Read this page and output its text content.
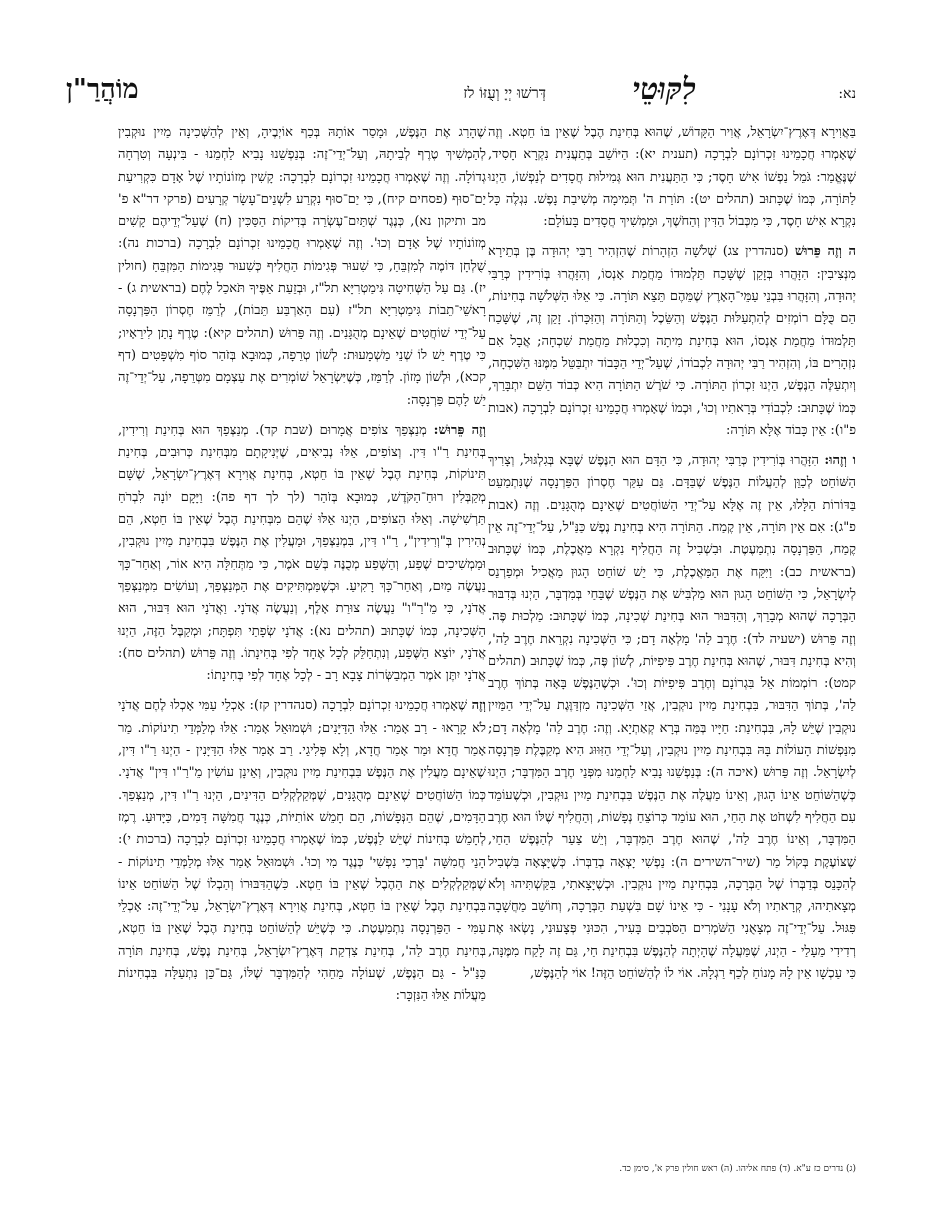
נא:
לִקּוּטֵי
דְּרשׁוּ יְיָ וְעֻזּוֹ לז
מוֹהֲרַ"ן

בַּאֲוִירָא דְּאֶרֶץ־יִשְׂרָאֵל, אֲוִיר הַקָּדוֹשׁ, שֶׁהוּא בְּחִינַת הֶבֶל שֶׁאֵין בּוֹ חֵטְא. וְזֶה שֶׁאָמְרוּ חֲכָמֵינוּ זִכְרוֹנָם לִבְרָכָה (תענית יא): הַיּוֹשֵׁב בְּתַעֲנִית נִקְרָא חָסִיד, שֶׁנֶּאֱמַר: גֹּמֵל נַפְשׁוֹ אִישׁ חָסֶד; כִּי הַתַּעֲנִית הוּא גְּמִילוּת חֲסָדִים לְנַפְשׁוֹ, הַיְנוּ לַתּוֹרָה, כְּמוֹ שֶׁכָּתוּב (תהלים יט): תּוֹרַת ה' תְּמִימָה מְשִׁיבַת נָפֶשׁ. נִגְלֶה כָּל נִקְרָא אִישׁ חָסֶד, כִּי מִכְּבוֹל הַדִּין וְהַחֹשֶׁךְ, וּמַמְשִׁיךְ חֲסָדִים בָּעוֹלָם:

ה וְזֶה פֵּרוּשׁ (סנהדרין צג) שְׁלֹשָׁה הַזְהָרוֹת שֶׁהִזְהִיר רַבִּי יְהוּדָה בֶּן בְּתֵירָא מִנְּצִיבִין: הִזָּהֲרוּ בְּזָקֵן שֶׁשָּׁכַח תַּלְמוּדוֹ מֵחֲמַת אָנְסוֹ, וְהִזָּהֲרוּ בְּוֹרִידִין כְּרַבִּי יְהוּדָה, וְהִזָּהֲרוּ בִּבְנֵי עַמֵּי־הָאָרֶץ שֶׁמֵּהֶם תֵּצֵא תּוֹרָה. כִּי אֵלּוּ הַשְּׁלֹשָׁה בְּחִינוֹת, הֵם כֻּלָּם רוֹמְזִים לְהִתְעַלּוּת הַנֶּפֶשׁ וְהַשֵּׂכֶל וְהַתּוֹרָה וְהַזִּכָּרוֹן. זָקֵן זֶה, שֶׁשָּׁכַח תַּלְמוּדוֹ מֵחֲמַת אָנְסוֹ, הוּא בְּחִינַת מִיתָה וְכִכְלוּת מֵחֲמַת שִׁכְחָה; אֲבָל אִם נִזְהָרִים בּוֹ, וְהִזְהִיר רַבִּי יְהוּדָה לִכְבוֹדוֹ, שֶׁעַל־יְדֵי הַכָּבוֹד יִתְבַּטֵּל מִמֶּנּוּ הַשִּׁכְחָה, וְיִתְעַלֶּה הַנֶּפֶשׁ, הַיְנוּ זִכְרוֹן הַתּוֹרָה. כִּי שֹׁרֶשׁ הַתּוֹרָה הִיא כְּבוֹד הַשֵּׁם יִתְבָּרַךְ, כְּמוֹ שֶׁכָּתוּב: לִכְבוֹדִי בְּרָאתִיו וְכוּ', וּכְמוֹ שֶׁאָמְרוּ חֲכָמֵינוּ זִכְרוֹנָם לִבְרָכָה (אבות פ"ו): אֵין כָּבוֹד אֶלָּא תּוֹרָה:

ו וְזֶהוּ: הִזָּהֲרוּ בְּוֹרִידִין כְּרַבִּי יְהוּדָה, כִּי הַדָּם הוּא הַנֶּפֶשׁ שֶׁבָּא בְּגִלְגּוּל, וְצָרִיךְ הַשּׁוֹחֵט לְכַוֵּן לְהַעֲלוֹת הַנֶּפֶשׁ שֶׁבַּדָּם. גַּם עִקַּר חֶסְרוֹן הַפַּרְנָסָה שֶׁנִּתְמַעֵט בַּדּוֹרוֹת הַלָּלוּ, אֵין זֶה אֶלָּא עַל־יְדֵי הַשּׁוֹחֲטִים שֶׁאֵינָם מְהֻגָּנִים. וְזֶה (אבות פ"ג): אִם אֵין תּוֹרָה, אֵין קֶמַח. הַתּוֹרָה הִיא בְּחִינַת נֶפֶשׁ כַּנַּ"ל, עַל־יְדֵי־זֶה אֵין קֶמַח, הַפַּרְנָסָה נִתְמַעֶטֶת. וּבִשְׁבִיל זֶה הַחֲלִיף נִקְרָא מַאֲכֶלֶת, כְּמוֹ שֶׁכָּתוּב (בראשית כב): וַיִּקַּח אֶת הַמַּאֲכֶלֶת, כִּי יֵשׁ שׁוֹחֵט הָגוּן מַאֲכִיל וּמְפַרְנֵס לְיִשְׂרָאֵל, כִּי הַשּׁוֹחֵט הָגוּן הוּא מַלְבִּישׁ אֶת הַנֶּפֶשׁ שֶׁבַּחַי בְּמִדְבָּר, הַיְנוּ בְּדִבּוּר הַבְּרָכָה שֶׁהוּא מְבָרֵךְ, וְהַדִּבּוּר הוּא בְּחִינַת שְׁכִינָה, כְּמוֹ שֶׁכָּתוּב: מַלְכוּת פֶּה. וְזֶה פֵּרוּשׁ (ישעיה לד): חֶרֶב לַה' מָלְאָה דָם; כִּי הַשְּׁכִינָה נִקְרֵאת חֶרֶב לַה', וְהִיא בְּחִינַת דִּבּוּר, שֶׁהוּא בְּחִינַת חֶרֶב פִּיפִיּוֹת, לְשׁוֹן פֶּה, כְּמוֹ שֶׁכָּתוּב (תהלים קמט): רוֹמְמוֹת אֵל בִּגְרוֹנָם וְחֶרֶב פִּיפִיּוֹת וְכוּ'. וּכְשֶׁהַנֶּפֶשׁ בָּאָה בְּתוֹךְ חֶרֶב לַה', בְּתוֹךְ הַדִּבּוּר, בִּבְחִינַת מַיִין נוּקְבִין, אֲזַי הַשְּׁכִינָה מִזְדַּוֶּגֶת עַל־יְדֵי הַמַּיִין נוּקְבִין שֶׁיֵּשׁ לָהּ, בִּבְחִינַת: חַיָּיו בְּמַּה בְּרָא קְאַתְיָא. וְזֶה: חֶרֶב לַה' מָלְאָה דָם; מִנַּפְשׁוֹת הָעוֹלוֹת בָּהּ בִּבְחִינַת מַיִין נוּקְבִין, וְעַל־יְדֵי הַזִּוּוּג הִיא מְקַבֶּלֶת פַּרְנָסָה לְיִשְׂרָאֵל. וְזֶה פֵּרוּשׁ (איכה ה): בְּנַפְשֵׁנוּ נָבִיא לַחְמֵנוּ מִפְּנֵי חֶרֶב הַמִּדְבָּר; הַיְנוּ כְּשֶׁהַשּׁוֹחֵט אֵינוֹ הָגוּן, וְאֵינוֹ מַעֲלֶה אֶת הַנֶּפֶשׁ בִּבְחִינַת מַיִין נוּקְבִין, וּכְשֶׁעוֹמֵד עִם הַחֲלִיף לִשְׁחֹט אֶת הַחַי, הוּא עוֹמֵד כְּרוֹצֵחַ נְפָשׁוֹת, וְהַחֲלִיף שֶׁלּוֹ הוּא חֶרֶב הַמִּדְבָּר, וְאֵינוֹ חֶרֶב לַה', שֶׁהוּא חֶרֶב הַמִּדְבָּר, וְיֵשׁ צַעַר לְהַנֶּפֶשׁ הַחַי, שֶׁצּוֹעֶקֶת בְּקוֹל מַר (שיר־השירים ה): נַפְשִׁי יָצְאָה בְדַבְּרוֹ. כְּשֶׁיָּצְאָה בִּשְׁבִיל לְהִכָּנֵס בְּדַבְּרוֹ שֶׁל הַבְּרָכָה, בִּבְחִינַת מַיִין נוּקְבִין. וּכְשֶׁיָּצָאתִי, בִּקַּשְׁתִּיהוּ וְלֹא מְצָאתִיהוּ, קְרָאתִיו וְלֹא עָנָנִי - כִּי אֵינוֹ שָׁם בִּשְׁעַת הַבְּרָכָה, וְחוֹשֵׁב מַחֲשָׁבָה פִּגּוּל. עַל־יְדֵי־זֶה מְצָאֻנִי הַשֹּׁמְרִים הַסֹּבְבִים בָּעִיר, הִכּוּנִי פְּצָעוּנִי, נָשְׂאוּ אֶת רְדִידִי מֵעָלַי - הַיְנוּ, שֶׁמַּעֲלָה שֶׁהָיְתָה לְהַנֶּפֶשׁ בִּבְחִינַת חַי, גַּם זֶה לָקַח מִמֶּנָּה, כִּי עַכְשָׁו אֵין לָהּ מָנוֹחַ לְכַף רַגְלָהּ. אוֹי לוֹ לְהַשּׁוֹחֵט הַזֶּה! אוֹי לְהַנֶּפֶשׁ,

שֶׁהָרַג אֶת הַנֶּפֶשׁ, וּמָסַר אוֹתָהּ בְּכַף אוֹיְבֶיהָ, וְאֵין לְהַשְּׁכִינָה מַיִין נוּקְבִין לְהַמְשִׁיךְ טֶרֶף לְבֵיתָהּ, וְעַל־יְדֵי־זֶה: בְּנַפְשֵׁנוּ נָבִיא לַחְמֵנוּ - בִּינְעָה וְטִרְחָה גְדוֹלָה. וְזֶה שֶׁאָמְרוּ חֲכָמֵינוּ זִכְרוֹנָם לִבְרָכָה: קָשִׁין מְזוֹנוֹתָיו שֶׁל אָדָם כִּקְרִיעַת יַם־סוּף (פסחים קיח), כִּי יַם־סוּף נִקְרַע לִשְׁנֵים־עָשָׂר קְרָעִים (פרקי דר"א פ' מב ותיקון נא), כְּנֶגֶד שְׁתַּיִם־עֶשְׂרֵה בְּדִיקוֹת הַסַּכִּין (ח) שֶׁעַל־יְדֵיהֶם קָשִׁים מְזוֹנוֹתָיו שֶׁל אָדָם וְכוּ'. וְזֶה שֶׁאָמְרוּ חֲכָמֵינוּ זִכְרוֹנָם לִבְרָכָה (ברכות נה): שֻׁלְחָן דּוֹמֶה לְמִזְבֵּחַ, כִּי שִׁעוּר פְּגִימוֹת הַחֲלִיף כְּשִׁעוּר פְּגִימוֹת הַמִּזְבֵּחַ (חולין יז). גַּם עַל הַשְּׁחִיטָה גִּימַטְרִיָּא תל"ז, וּבְזֵעַת אַפֶּיךָ תֹּאכַל לֶחֶם (בראשית ג) - רָאשֵׁי־תֵבוֹת גִּימַטְרִיָּא תל"ז (עִם הָאַרְבַּע תֵּבוֹת), לְרַמֵּז חֶסְרוֹן הַפַּרְנָסָה עַל־יְדֵי שׁוֹחֲטִים שֶׁאֵינָם מְהֻגָּנִים. וְזֶה פֵּרוּשׁ (תהלים קיא): טֶרֶף נָתַן לִירֵאָיו; כִּי טֶרֶף יֵשׁ לוֹ שְׁנֵי מַשְׁמָעוּת: לְשׁוֹן טְרֵפָה, כְּמוּבָא בְּזֹהַר סוֹף מִשְׁפָּטִים (דף קכא), וּלְשׁוֹן מָזוֹן. לְרַמֵּז, כְּשֶׁיִּשְׂרָאֵל שׁוֹמְרִים אֶת עַצְמָם מִטְּרֵפָה, עַל־יְדֵי־זֶה יֵשׁ לָהֶם פַּרְנָסָה:

וְזֶה פֵּרוּשׁ: מְנַצְּפַךְ צוֹפִים אֲמָרוּם (שבת קד). מְנַצְּפַךְ הוּא בְּחִינַת וְרִידִין, בְּחִינַת רַ"ו דִּין. וְצוֹפִים, אֵלּוּ נְבִיאִים, שֶׁיְּנִיקָתָם מִבְּחִינַת כְּרוּבִים, בְּחִינַת תִּינוֹקוֹת, בְּחִינַת הֶבֶל שֶׁאֵין בּוֹ חֵטְא, בְּחִינַת אֲוִירָא דְּאֶרֶץ־יִשְׂרָאֵל, שֶׁשָּׁם מְקַבְּלִין רוּחַ־הַקֹּדֶשׁ, כְּמוּבָא בְּזֹהַר (לך לך דף פה): וַיָּקָם יוֹנָה לִבְרֹחַ תַּרְשִׁישָׁה. וְאֵלּוּ הַצּוֹפִים, הַיְנוּ אֵלּוּ שֶׁהֵם מִבְּחִינַת הֶבֶל שֶׁאֵין בּוֹ חֵטְא, הֵם נְהִירִין בְּ"וְרִידִין", רַ"ו דִּין, בִּמְנַצְּפַךְ, וּמַעֲלִין אֶת הַנֶּפֶשׁ בִּבְחִינַת מַיִין נוּקְבִין, וּמַמְשִׁיכִים שֶׁפַע, וְהַשֶּׁפַע מְכֻנֶּה בְּשֵׁם אֹמֶר, כִּי מִתְּחִלָּה הִיא אוֹר, וְאַחַר־כָּךְ נַעֲשֶׂה מַיִם, וְאַחַר־כָּךְ רָקִיעַ. וּכְשֶׁמַּמְתִּיקִים אֶת הַמְּנַצְּפַךְ, וְעוֹשִׂים מִמְּנַצְּפַךְ אֲדֹנָי, כִּי מֵ"רַ"ו" נַעֲשֶׂה צוּרַת אָלֶף, וְנַעֲשֶׂה אֲדֹנָי. וַאֲדֹנָי הוּא דִּבּוּר, הוּא הַשְּׁכִינָה, כְּמוֹ שֶׁכָּתוּב (תהלים נא): אֲדֹנָי שְׂפָתַי תִּפְתָּח; וּמְקַבֶּל הַזֶּה, הַיְנוּ אֲדֹנָי, יוֹצֵא הַשֶּׁפַע, וְנִתְחַלֵּק לְכָל אֶחָד לְפִי בְּחִינָתוֹ. וְזֶה פֵּרוּשׁ (תהלים סח): אֲדֹנָי יִתֶּן אֹמֶר הַמְבַשְּׂרוֹת צָבָא רָב - לְכָל אֶחָד לְפִי בְּחִינָתוֹ:

וְזֶה שֶׁאָמְרוּ חֲכָמֵינוּ זִכְרוֹנָם לִבְרָכָה (סנהדרין קז): אָכְלֵי עַמִּי אָכְלוּ לֶחֶם אֲדֹנָי לֹא קָרָאוּ - רַב אָמַר: אֵלּוּ הַדַּיָּנִים; וּשְׁמוּאֵל אָמַר: אֵלּוּ מְלַמְּדֵי תִינוֹקוֹת. מַר אָמַר חֲדָא וּמַר אָמַר חֲדָא, וְלָא פְּלִיגֵי. רַב אָמַר אֵלּוּ הַדַּיָּנִין - הַיְנוּ רַ"ו דִּין, שֶׁאֵינָם מַעֲלִין אֶת הַנֶּפֶשׁ בִּבְחִינַת מַיִין נוּקְבִין, וְאֵינָן עוֹשִׂין מֵ"רַ"ו דִּין" אֲדֹנָי. כְּמוֹ הַשּׁוֹחֲטִים שֶׁאֵינָם מְהֻגָּנִים, שֶׁמְּקַלְקְלִים הַדִּינִים, הַיְנוּ רַ"ו דִּין, מְנַצְּפַךְ. הַדָּמִים, שֶׁהֵם הַנְּפָשׁוֹת, הֵם חָמֵשׁ אוֹתִיּוֹת, כְּנֶגֶד חֲמִשָּׁה דָּמִים, כַּיָּדוּעַ. רֶמֶז לְחָמֵשׁ בְּחִינוֹת שֶׁיֵּשׁ לַנֶּפֶשׁ, כְּמוֹ שֶׁאָמְרוּ חֲכָמֵינוּ זִכְרוֹנָם לִבְרָכָה (ברכות י): הָנֵי חֲמִשָּׁה 'בָּרְכִי נַפְשִׁי' כְּנֶגֶד מִי וְכוּ'. וּשְׁמוּאֵל אָמַר אֵלּוּ מְלַמְּדֵי תִינוֹקוֹת - שֶׁמְּקַלְקְלִים אֶת הַהֶבֶל שֶׁאֵין בּוֹ חֵטְא. כִּשֶׁהַדִּבּוּרוֹ וְהַבְלוֹ שֶׁל הַשּׁוֹחֵט אֵינוֹ בִּבְחִינַת הֶבֶל שֶׁאֵין בּוֹ חֵטְא, בְּחִינַת אֲוִירָא דְּאֶרֶץ־יִשְׂרָאֵל, עַל־יְדֵי־זֶה: אָכְלֵי עַמִּי - הַפַּרְנָסָה נִתְמַעֶטֶת. כִּי כְּשֶׁיֵּשׁ לְהַשּׁוֹחֵט בְּחִינַת הֶבֶל שֶׁאֵין בּוֹ חֵטְא, בְּחִינַת חֶרֶב לַה', בְּחִינַת צִדְקַת דְּאֶרֶץ־יִשְׂרָאֵל, בְּחִינַת נֶפֶשׁ, בְּחִינַת תּוֹרָה כַּנַּ"ל - גַּם הַנֶּפֶשׁ, שֶׁעוֹלָה מֵחֵהִי לְהַמִּדְבָּר שֶׁלּוֹ, גַּם־כֵּן נִתְעַלָּה בִּבְחִינוֹת מַעֲלוֹת אֵלּוּ הַנִּזְכָּר:

(ג) נדרים כז ע"א. (ד) פתח אליהו. (ה) ראש חולין פרק א', סימן כד.
